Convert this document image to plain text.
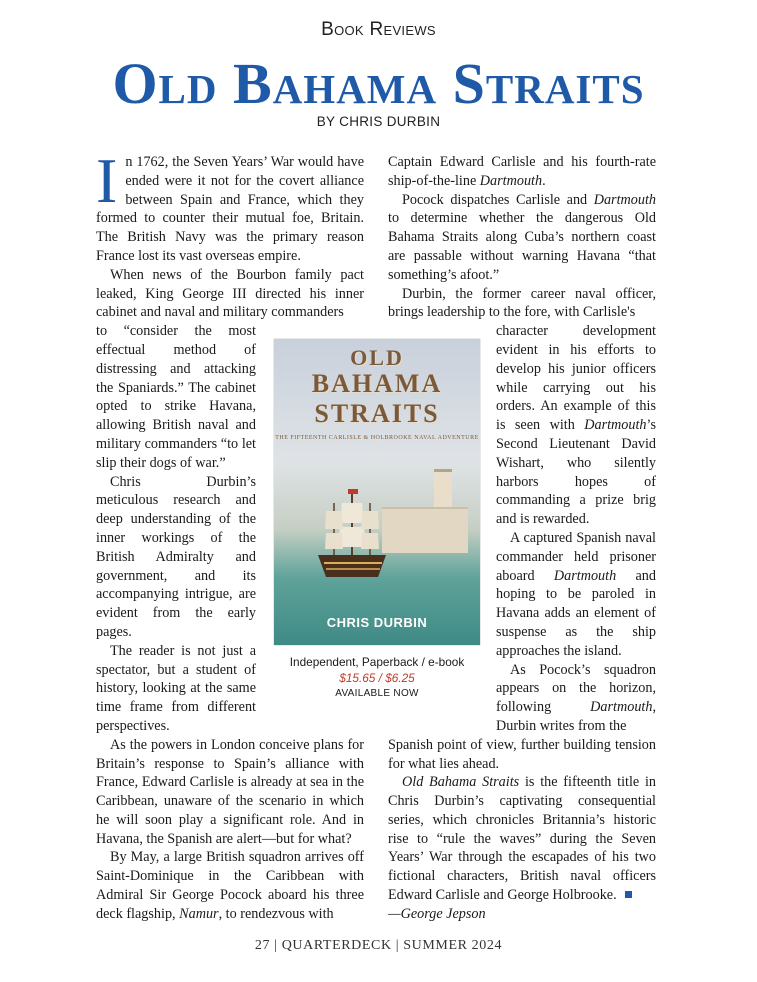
Book Reviews
Old Bahama Straits
BY CHRIS DURBIN

In 1762, the Seven Years’ War would have ended were it not for the covert alliance between Spain and France, which they formed to counter their mutual foe, Britain. The British Navy was the primary reason France lost its vast overseas empire.

When news of the Bourbon family pact leaked, King George III directed his inner cabinet and naval and military commanders

to “consider the most effectual method of distressing and attacking the Spaniards.” The cabinet opted to strike Havana, allowing British naval and military commanders “to let slip their dogs of war.”

Chris Durbin’s meticulous research and deep understanding of the inner workings of the British Admiralty and government, and its accompanying intrigue, are evident from the early pages.

The reader is not just a spectator, but a student of history, looking at the same time frame from different perspectives.

As the powers in London conceive plans for Britain’s response to Spain’s alliance with France, Edward Carlisle is already at sea in the Caribbean, unaware of the scenario in which he will soon play a significant role. And in Havana, the Spanish are alert—but for what?

By May, a large British squadron arrives off Saint-Dominique in the Caribbean with Admiral Sir George Pocock aboard his three deck flagship, Namur, to rendezvous with

Captain Edward Carlisle and his fourth-rate ship-of-the-line Dartmouth.

Pocock dispatches Carlisle and Dartmouth to determine whether the dangerous Old Bahama Straits along Cuba’s northern coast are passable without warning Havana “that something’s afoot.”

Durbin, the former career naval officer, brings leadership to the fore, with Carlisle's

character development evident in his efforts to develop his junior officers while carrying out his orders. An example of this is seen with Dartmouth’s Second Lieutenant David Wishart, who silently harbors hopes of commanding a prize brig and is rewarded.

A captured Spanish naval commander held prisoner aboard Dartmouth and hoping to be paroled in Havana adds an element of suspense as the ship approaches the island.

As Pocock’s squadron appears on the horizon, following Dartmouth, Durbin writes from the

Spanish point of view, further building tension for what lies ahead.

Old Bahama Straits is the fifteenth title in Chris Durbin’s captivating consequential series, which chronicles Britannia’s historic rise to “rule the waves” during the Seven Years’ War through the escapades of his two fictional characters, British naval officers Edward Carlisle and George Holbrooke.

—George Jepson

OLD
BAHAMA
STRAITS
THE FIFTEENTH CARLISLE & HOLBROOKE NAVAL ADVENTURE
CHRIS DURBIN
Independent, Paperback / e-book
$15.65 / $6.25
AVAILABLE NOW
27 | QUARTERDECK | SUMMER 2024
